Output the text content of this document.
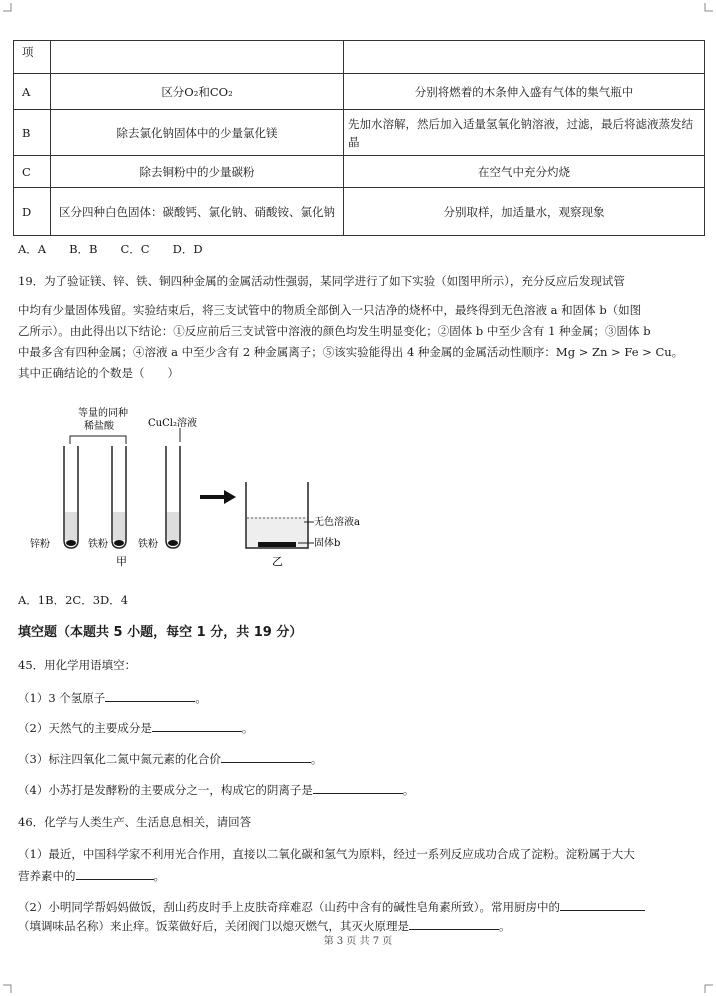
项		
A	区分O₂和CO₂	分别将燃着的木条伸入盛有气体的集气瓶中
B	除去氯化钠固体中的少量氯化镁	先加水溶解，然后加入适量氢氧化钠溶液，过滤，最后将滤液蒸发结晶
C	除去铜粉中的少量碳粉	在空气中充分灼烧
D	区分四种白色固体：碳酸钙、氯化钠、硝酸铵、氯化钠	分别取样，加适量水，观察现象
A．A　　B．B　　C．C　　D．D
19．为了验证镁、锌、铁、铜四种金属的金属活动性强弱，某同学进行了如下实验（如图甲所示），充分反应后发现试管
中均有少量固体残留。实验结束后，将三支试管中的物质全部倒入一只洁净的烧杯中，最终得到无色溶液 a 和固体 b（如图
乙所示）。由此得出以下结论：①反应前后三支试管中溶液的颜色均发生明显变化；②固体 b 中至少含有 1 种金属；③固体 b
中最多含有四种金属；④溶液 a 中至少含有 2 种金属离子；⑤该实验能得出 4 种金属的金属活动性顺序：Mg > Zn > Fe > Cu。
其中正确结论的个数是（　　）
等量的同种
稀盐酸	CuCl₂溶液
锌粉	铁粉	铁粉
甲
无色溶液a
固体b
乙
A．1B．2C．3D．4
填空题（本题共 5 小题，每空 1 分，共 19 分）
45．用化学用语填空：
（1）3 个氢原子	。
（2）天然气的主要成分是	。
（3）标注四氧化二氮中氮元素的化合价	。
（4）小苏打是发酵粉的主要成分之一，构成它的阴离子是	。
46．化学与人类生产、生活息息相关，请回答
（1）最近，中国科学家不利用光合作用，直接以二氧化碳和氢气为原料，经过一系列反应成功合成了淀粉。淀粉属于大大
营养素中的	。
（2）小明同学帮妈妈做饭，刮山药皮时手上皮肤奇痒难忍（山药中含有的碱性皂角素所致）。常用厨房中的
（填调味品名称）来止痒。饭菜做好后，关闭阀门以熄灭燃气，其灭火原理是	。
第 3 页 共 7 页
